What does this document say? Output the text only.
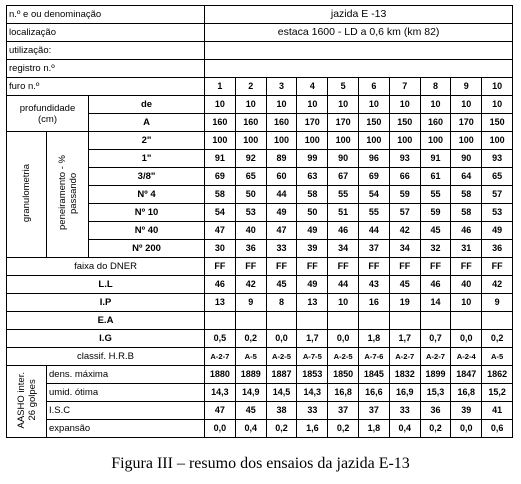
n.º e ou denominação			jazida E -13									
localização			estaca 1600 - LD a 0,6 km (km 82)									
utilização:												
registro n.º												
furo n.º			1	2	3	4	5	6	7	8	9	10
profundidade (cm)		de	10	10	10	10	10	10	10	10	10	10
		A	160	160	160	170	170	150	150	160	170	150
granulometria	peneiramento - % passando	2"	100	100	100	100	100	100	100	100	100	100
		1"	91	92	89	99	90	96	93	91	90	93
		3/8"	69	65	60	63	67	69	66	61	64	65
		Nº 4	58	50	44	58	55	54	59	55	58	57
		Nº 10	54	53	49	50	51	55	57	59	58	53
		Nº 40	47	40	47	49	46	44	42	45	46	49
		Nº 200	30	36	33	39	34	37	34	32	31	36
faixa do DNER			FF	FF	FF	FF	FF	FF	FF	FF	FF	FF
L.L			46	42	45	49	44	43	45	46	40	42
I.P			13	9	8	13	10	16	19	14	10	9
E.A												
I.G			0,5	0,2	0,0	1,7	0,0	1,8	1,7	0,7	0,0	0,2
classif. H.R.B			A-2-7	A-5	A-2-5	A-7-5	A-2-5	A-7-6	A-2-7	A-2-7	A-2-4	A-5
AASHO inter.
26 golpes	dens. máxima		1880	1889	1887	1853	1850	1845	1832	1899	1847	1862
	umid. ótima		14,3	14,9	14,5	14,3	16,8	16,6	16,9	15,3	16,8	15,2
	I.S.C		47	45	38	33	37	37	33	36	39	41
	expansão		0,0	0,4	0,2	1,6	0,2	1,8	0,4	0,2	0,0	0,6
Figura III – resumo dos ensaios da jazida E-13
